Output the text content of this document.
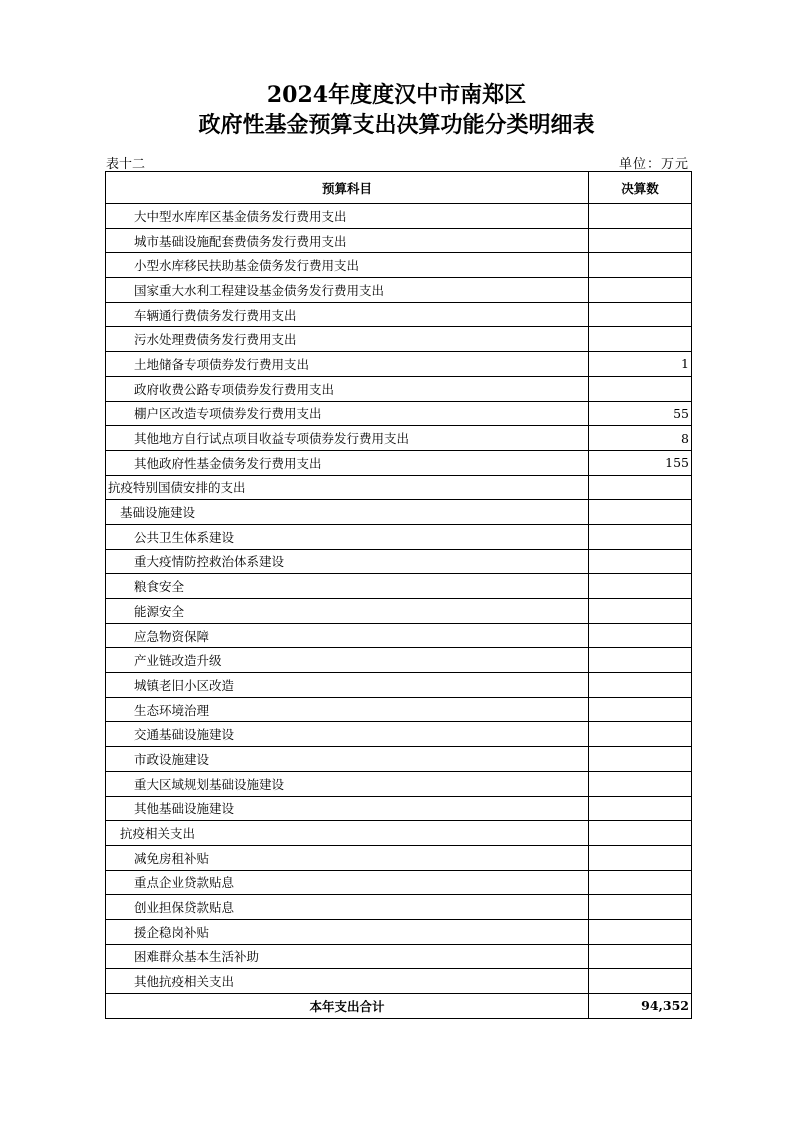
2024年度度汉中市南郑区
政府性基金预算支出决算功能分类明细表
表十二	单位：万元
预算科目	决算数
大中型水库库区基金债务发行费用支出	
城市基础设施配套费债务发行费用支出	
小型水库移民扶助基金债务发行费用支出	
国家重大水利工程建设基金债务发行费用支出	
车辆通行费债务发行费用支出	
污水处理费债务发行费用支出	
土地储备专项债券发行费用支出	1
政府收费公路专项债券发行费用支出	
棚户区改造专项债券发行费用支出	55
其他地方自行试点项目收益专项债券发行费用支出	8
其他政府性基金债务发行费用支出	155
抗疫特别国债安排的支出	
基础设施建设	
公共卫生体系建设	
重大疫情防控救治体系建设	
粮食安全	
能源安全	
应急物资保障	
产业链改造升级	
城镇老旧小区改造	
生态环境治理	
交通基础设施建设	
市政设施建设	
重大区域规划基础设施建设	
其他基础设施建设	
抗疫相关支出	
减免房租补贴	
重点企业贷款贴息	
创业担保贷款贴息	
援企稳岗补贴	
困难群众基本生活补助	
其他抗疫相关支出	
本年支出合计	94,352
